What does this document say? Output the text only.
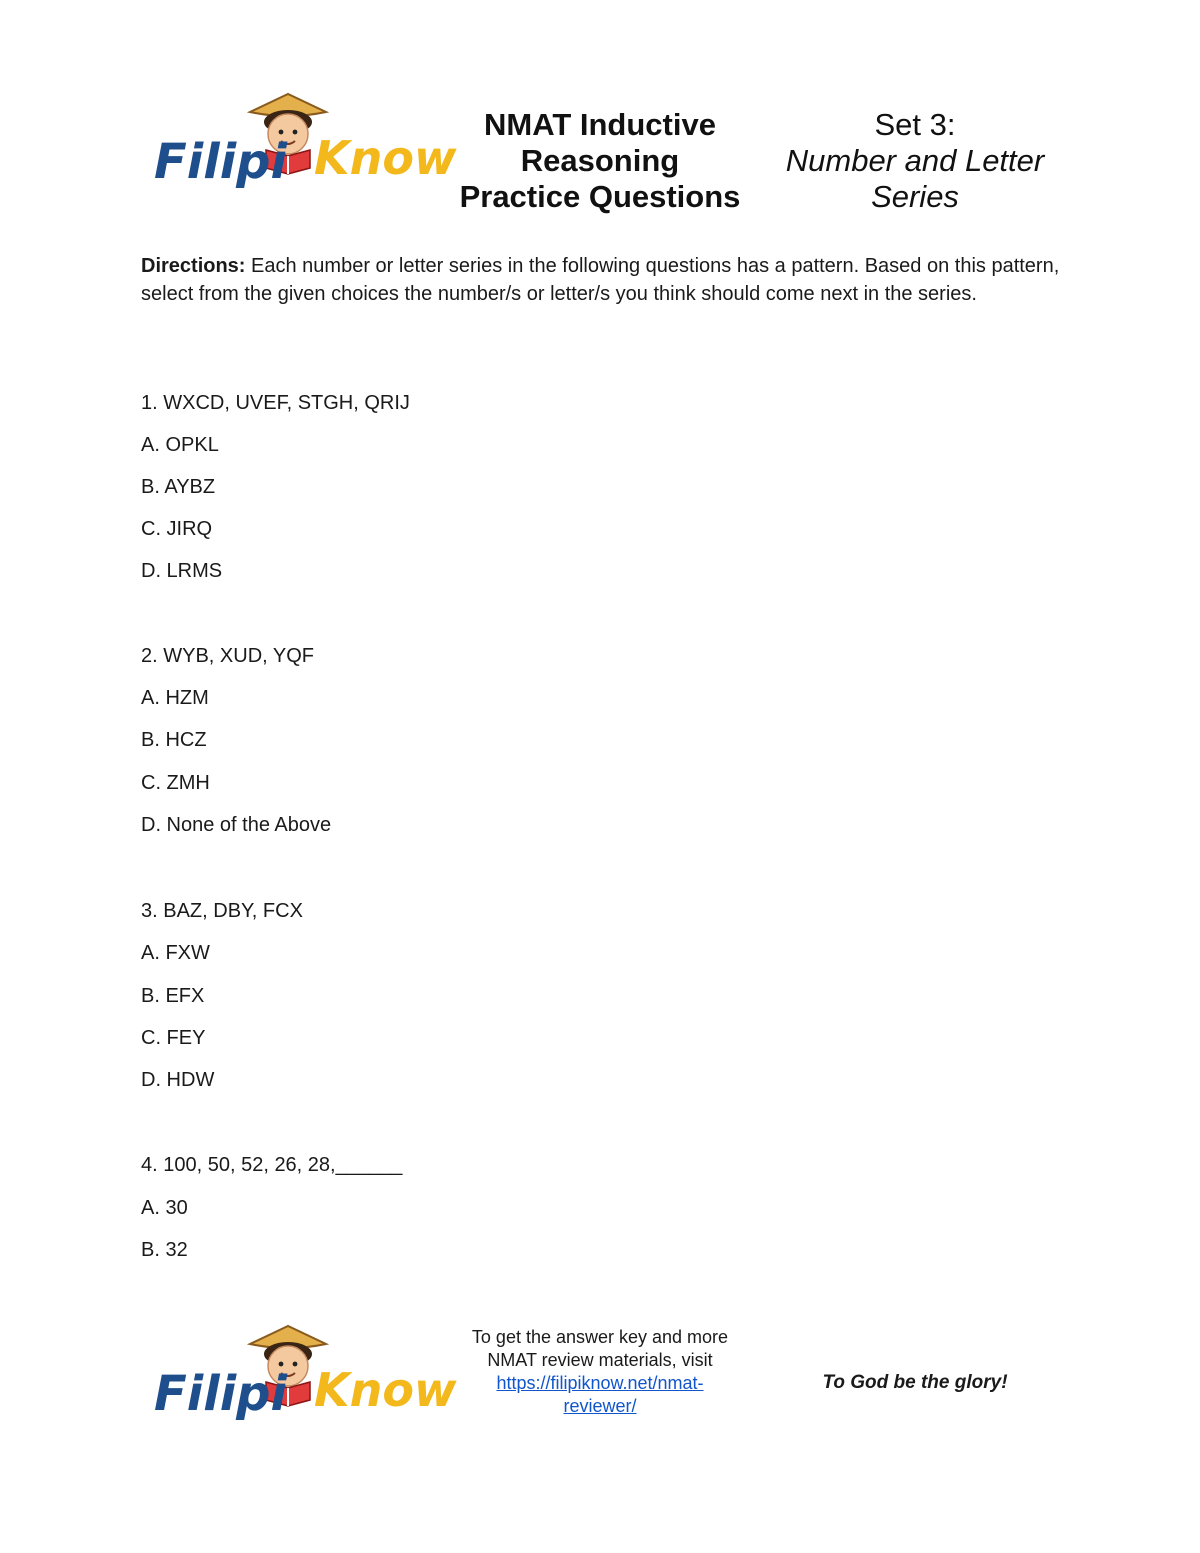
Filipi Know
NMAT Inductive
Reasoning
Practice Questions
Set 3:
Number and Letter
Series
Directions: Each number or letter series in the following questions has a pattern. Based on this pattern, select from the given choices the number/s or letter/s you think should come next in the series.
1. WXCD, UVEF, STGH, QRIJ
A. OPKL
B. AYBZ
C. JIRQ
D. LRMS
2. WYB, XUD, YQF
A. HZM
B. HCZ
C. ZMH
D. None of the Above
3. BAZ, DBY, FCX
A. FXW
B. EFX
C. FEY
D. HDW
4. 100, 50, 52, 26, 28,______
A. 30
B. 32
Filipi Know
To get the answer key and more
NMAT review materials, visit
https://filipiknow.net/nmat-
reviewer/
To God be the glory!
